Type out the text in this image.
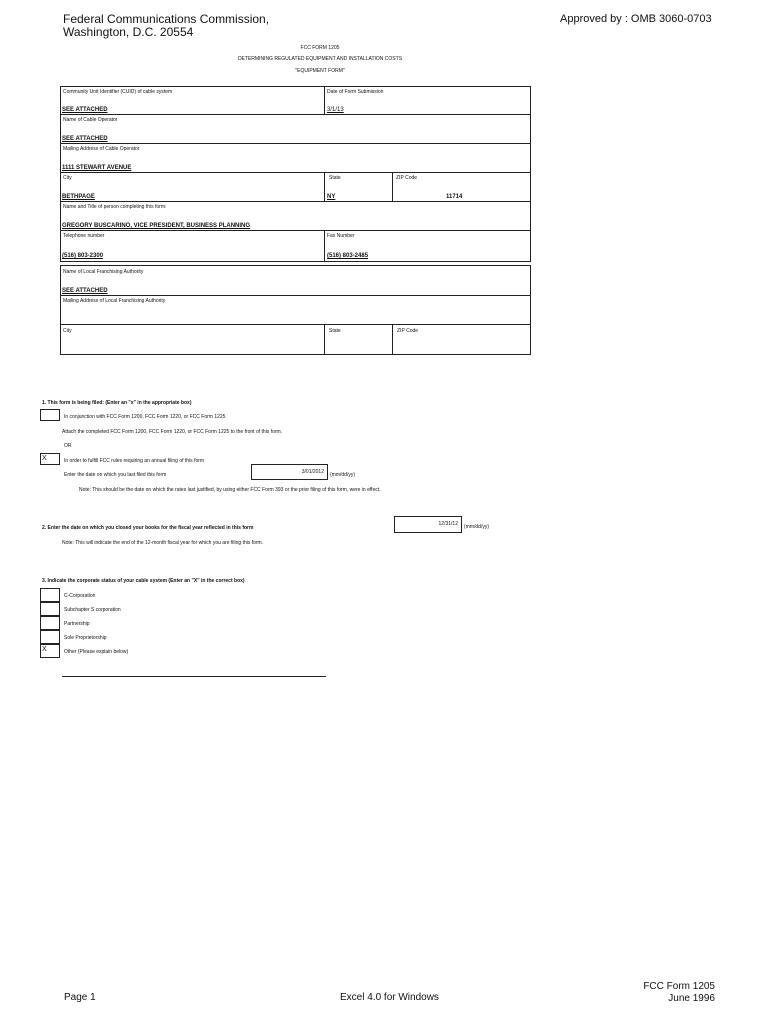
Federal Communications Commission,
Washington, D.C. 20554
Approved by : OMB 3060-0703
FCC FORM 1205
DETERMINING REGULATED EQUIPMENT AND INSTALLATION COSTS
"EQUIPMENT FORM"
Community Unit Identifier (CUID) of cable system
SEE ATTACHED
Date of Form Submission
3/1/13
Name of Cable Operator
SEE ATTACHED
Mailing Address of Cable Operator
1111 STEWART AVENUE
City
BETHPAGE
State
NY
ZIP Code
11714
Name and Title of person completing this form:
GREGORY BUSCARINO, VICE PRESIDENT, BUSINESS PLANNING
Telephone number
(516) 803-2300
Fax Number
(516) 803-2485
Name of Local Franchising Authority
SEE ATTACHED
Mailing Address of Local Franchising Authority
City	State	ZIP Code
1. This form is being filed: (Enter an "x" in the appropriate box)
In conjunction with FCC Form 1200, FCC Form 1220, or FCC Form 1225
Attach the completed FCC Form 1200, FCC Form 1220, or FCC Form 1225 to the front of this form.
OR
X	In order to fulfill FCC rules requiring an annual filing of this form
Enter the date on which you last filed this form	3/01/2012	(mm/dd/yy)
Note: This should be the date on which the rates last justified, by using either FCC Form 393 or the prior filing of this form, were in effect.
2. Enter the date on which you closed your books for the fiscal year reflected in this form
12/31/12	(mm/dd/yy)
Note: This will indicate the end of the 12-month fiscal year for which you are filing this form.
3. Indicate the corporate status of your cable system (Enter an "X" in the correct box)
C-Corporation
Subchapter S corporation
Partnership
Sole Proprietorship
X	Other (Please explain below)
Page 1	Excel 4.0 for Windows
FCC Form 1205
June 1996
